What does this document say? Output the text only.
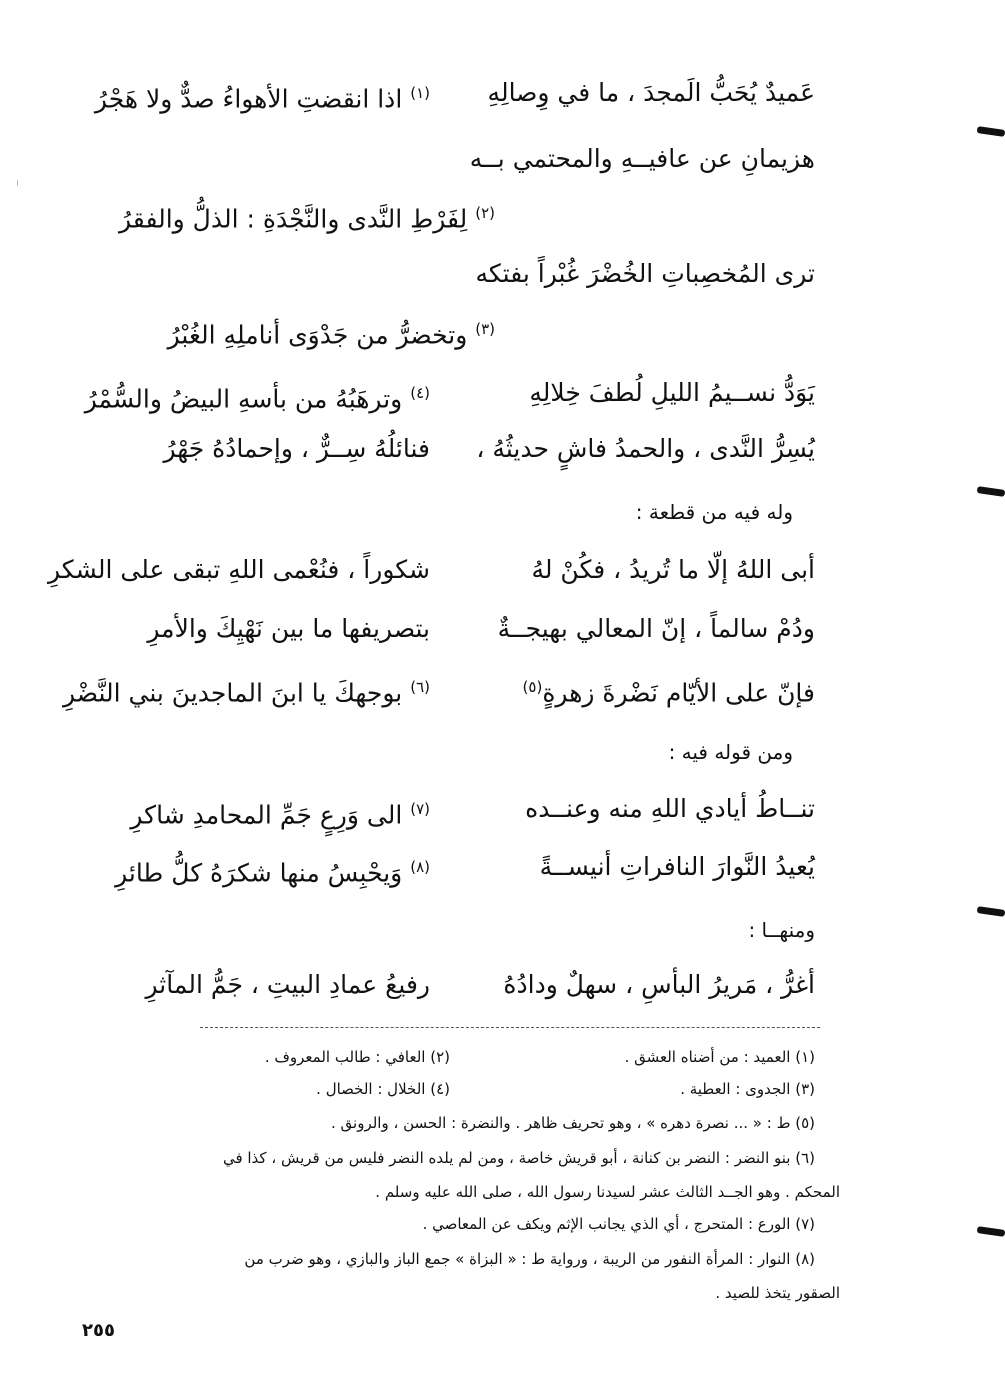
عَميدٌ يُحَبُّ الَمجدَ ، ما في وِصالِهِ
$^{(١)}$ اذا انقضتِ الأهواءُ صدٌّ ولا هَجْرُ
هزيمانِ عن عافيــهِ والمحتمي بــه
$^{(٢)}$ لِفَرْطِ النَّدى والنَّجْدَةِ : الذلُّ والفقرُ
ترى المُخصِباتِ الخُضْرَ غُبْراً بفتكه
$^{(٣)}$ وتخضرُّ من جَدْوَى أناملِهِ الغُبْرُ
يَوَدُّ نســيمُ الليلِ لُطفَ خِلالِهِ
$^{(٤)}$ وترهَبُهُ من بأسهِ البيضُ والسُّمْرُ
يُسِرُّ النَّدى ، والحمدُ فاشٍ حديثُهُ ،
فنائلُهُ سِــرٌّ ، وإحمادُهُ جَهْرُ
وله فيه من قطعة :
أبى اللهُ إلّا ما تُريدُ ، فكُنْ لهُ
شكوراً ، فنُعْمى اللهِ تبقى على الشكرِ
ودُمْ سالماً ، إنّ المعالي بهيجــةٌ
بتصريفها ما بين نَهْيِكَ والأمرِ
فإنّ على الأيّام نَضْرةَ زهرةٍ$^{(٥)}$
$^{(٦)}$ بوجهكَ يا ابنَ الماجدينَ بني النَّضْرِ
ومن قوله فيه :
تنــاطُ أيادي اللهِ منه وعنــده
$^{(٧)}$ الى وَرِعٍ جَمِّ المحامدِ شاكرِ
يُعيدُ النَّوارَ النافراتِ أنيســةً
$^{(٨)}$ وَيحْبِسُ منها شكرَهُ كلُّ طائرِ
ومنهــا :
أغرُّ ، مَريرُ البأسِ ، سهلٌ ودادُهُ
رفيعُ عمادِ البيتِ ، جَمُّ المآثرِ
(١) العميد : من أضناه العشق .
(٢) العافي : طالب المعروف .
(٣) الجدوى : العطية .
(٤) الخلال : الخصال .
(٥) ط : « ... نصرة دهره » ، وهو تحريف ظاهر . والنضرة : الحسن ، والرونق .
(٦) بنو النضر : النضر بن كنانة ، أبو قريش خاصة ، ومن لم يلده النضر فليس من قريش ، كذا في
المحكم . وهو الجــد الثالث عشر لسيدنا رسول الله ، صلى الله عليه وسلم .
(٧) الورع : المتحرج ، أي الذي يجانب الإثم ويكف عن المعاصي .
(٨) النوار : المرأة النفور من الريبة ، ورواية ط : « البزاة » جمع الباز والبازي ، وهو ضرب من
الصقور يتخذ للصيد .
٢٥٥
